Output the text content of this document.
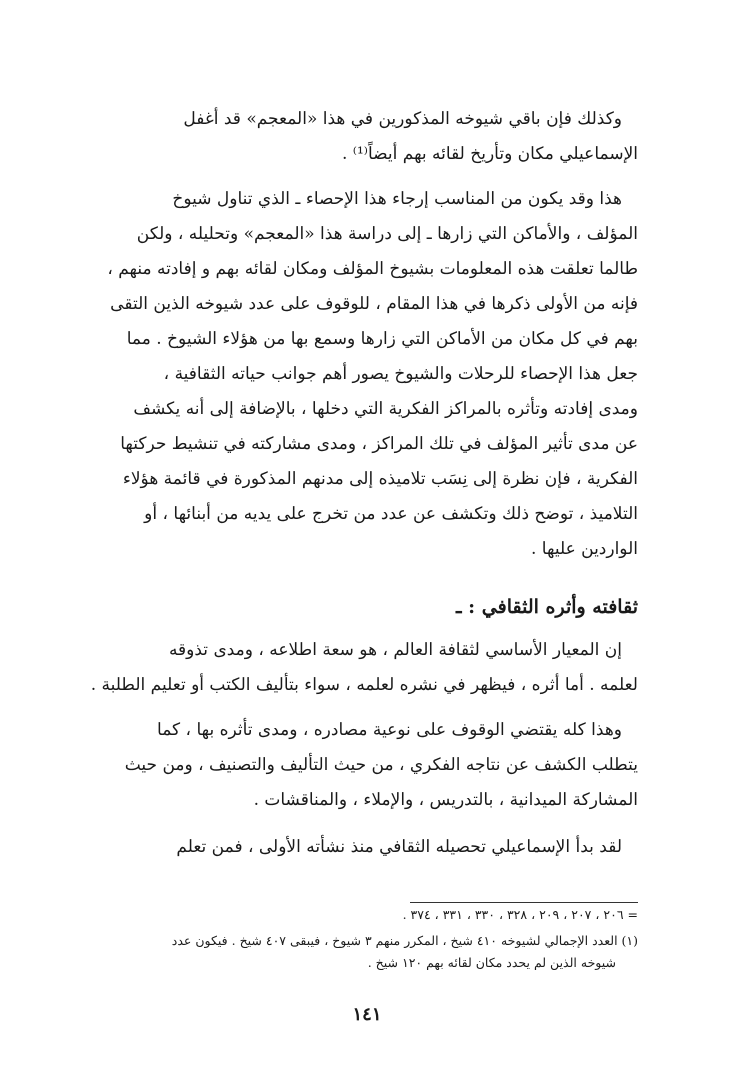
وكذلك فإن باقي شيوخه المذكورين في هذا «المعجم» قد أغفل
الإسماعيلي مكان وتأريخ لقائه بهم أيضاً⁽¹⁾ .
هذا وقد يكون من المناسب إرجاء هذا الإحصاء ـ الذي تناول شيوخ
المؤلف ، والأماكن التي زارها ـ إلى دراسة هذا «المعجم» وتحليله ، ولكن
طالما تعلقت هذه المعلومات بشيوخ المؤلف ومكان لقائه بهم و إفادته منهم ،
فإنه من الأولى ذكرها في هذا المقام ، للوقوف على عدد شيوخه الذين التقى
بهم في كل مكان من الأماكن التي زارها وسمع بها من هؤلاء الشيوخ . مما
جعل هذا الإحصاء للرحلات والشيوخ يصور أهم جوانب حياته الثقافية ،
ومدى إفادته وتأثره بالمراكز الفكرية التي دخلها ، بالإضافة إلى أنه يكشف
عن مدى تأثير المؤلف في تلك المراكز ، ومدى مشاركته في تنشيط حركتها
الفكرية ، فإن نظرة إلى نِسَب تلاميذه إلى مدنهم المذكورة في قائمة هؤلاء
التلاميذ ، توضح ذلك وتكشف عن عدد من تخرج على يديه من أبنائها ، أو
الواردين عليها .
ثقافته وأثره الثقافي : ـ
إن المعيار الأساسي لثقافة العالم ، هو سعة اطلاعه ، ومدى تذوقه
لعلمه . أما أثره ، فيظهر في نشره لعلمه ، سواء بتأليف الكتب أو تعليم الطلبة .
وهذا كله يقتضي الوقوف على نوعية مصادره ، ومدى تأثره بها ، كما
يتطلب الكشف عن نتاجه الفكري ، من حيث التأليف والتصنيف ، ومن حيث
المشاركة الميدانية ، بالتدريس ، والإملاء ، والمناقشات .
لقد بدأ الإسماعيلي تحصيله الثقافي منذ نشأته الأولى ، فمن تعلم
= ٢٠٦ ، ٢٠٧ ، ٢٠٩ ، ٣٢٨ ، ٣٣٠ ، ٣٣١ ، ٣٧٤ .
(١) العدد الإجمالي لشيوخه ٤١٠ شيخ ، المكرر منهم ٣ شيوخ ، فيبقى ٤٠٧ شيخ . فيكون عدد
شيوخه الذين لم يحدد مكان لقائه بهم ١٢٠ شيخ .
١٤١
